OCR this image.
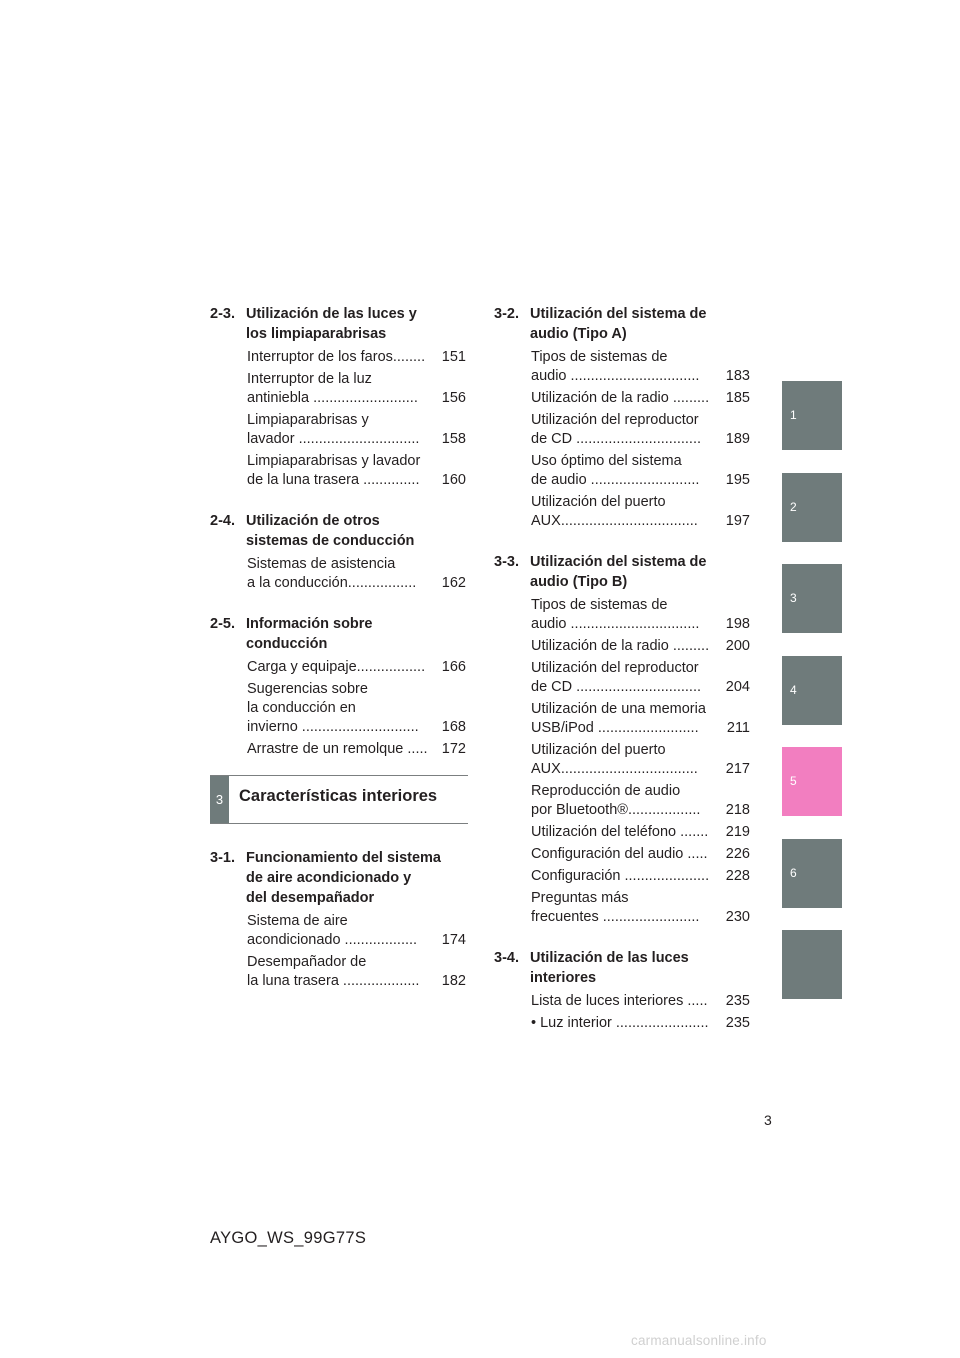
2-3. Utilización de las luces y
los limpiaparabrisas
Interruptor de los faros........	151
Interruptor de la luz
antiniebla ..........................	156
Limpiaparabrisas y
lavador ..............................	158
Limpiaparabrisas y lavador
de la luna trasera ..............	160
2-4. Utilización de otros
sistemas de conducción
Sistemas de asistencia
a la conducción.................	162
2-5. Información sobre
conducción
Carga y equipaje.................	166
Sugerencias sobre
la conducción en
invierno .............................	168
Arrastre de un remolque ..... 172
3 Características interiores
3-1. Funcionamiento del sistema
de aire acondicionado y
del desempañador
Sistema de aire
acondicionado ..................	174
Desempañador de
la luna trasera ...................	182
3-2. Utilización del sistema de
audio (Tipo A)
Tipos de sistemas de
audio ................................	183
Utilización de la radio .........	185
Utilización del reproductor
de CD ...............................	189
Uso óptimo del sistema
de audio ...........................	195
Utilización del puerto
AUX..................................	197
3-3. Utilización del sistema de
audio (Tipo B)
Tipos de sistemas de
audio ................................	198
Utilización de la radio .........	200
Utilización del reproductor
de CD ...............................	204
Utilización de una memoria
USB/iPod .........................	211
Utilización del puerto
AUX..................................	217
Reproducción de audio
por Bluetooth®..................	218
Utilización del teléfono .......	219
Configuración del audio .....	226
Configuración .....................	228
Preguntas más
frecuentes ........................	230
3-4. Utilización de las luces
interiores
Lista de luces interiores .....	235
• Luz interior .......................	235
1
2
3
4
5
6
3
AYGO_WS_99G77S
carmanualsonline.info
